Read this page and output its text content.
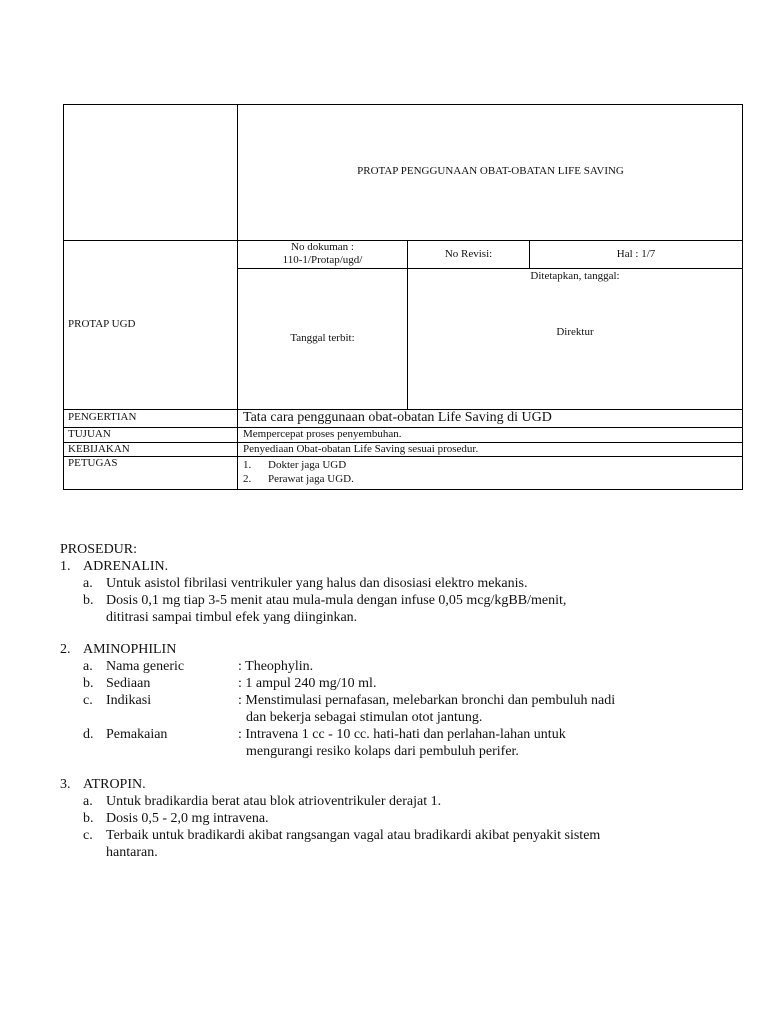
PROTAP PENGGUNAAN OBAT-OBATAN LIFE SAVING
PROTAP UGD
No dokuman :
110-1/Protap/ugd/	No Revisi:	Hal : 1/7
Tanggal terbit:
Ditetapkan, tanggal:
Direktur
PENGERTIAN	Tata cara penggunaan obat-obatan Life Saving di UGD
TUJUAN	Mempercepat proses penyembuhan.
KEBIJAKAN	Penyediaan Obat-obatan Life Saving sesuai prosedur.
PETUGAS	1. Dokter jaga UGD
2. Perawat jaga UGD.
PROSEDUR:
1. ADRENALIN.
a. Untuk asistol fibrilasi ventrikuler yang halus dan disosiasi elektro mekanis.
b. Dosis 0,1 mg tiap 3-5 menit atau mula-mula dengan infuse 0,05 mcg/kgBB/menit,
dititrasi sampai timbul efek yang diinginkan.
2. AMINOPHILIN
a. Nama generic	: Theophylin.
b. Sediaan	: 1 ampul 240 mg/10 ml.
c. Indikasi	: Menstimulasi pernafasan, melebarkan bronchi dan pembuluh nadi
dan bekerja sebagai stimulan otot jantung.
d. Pemakaian	: Intravena 1 cc - 10 cc. hati-hati dan perlahan-lahan untuk
mengurangi resiko kolaps dari pembuluh perifer.
3. ATROPIN.
a. Untuk bradikardia berat atau blok atrioventrikuler derajat 1.
b. Dosis 0,5 - 2,0 mg intravena.
c. Terbaik untuk bradikardi akibat rangsangan vagal atau bradikardi akibat penyakit sistem
hantaran.
